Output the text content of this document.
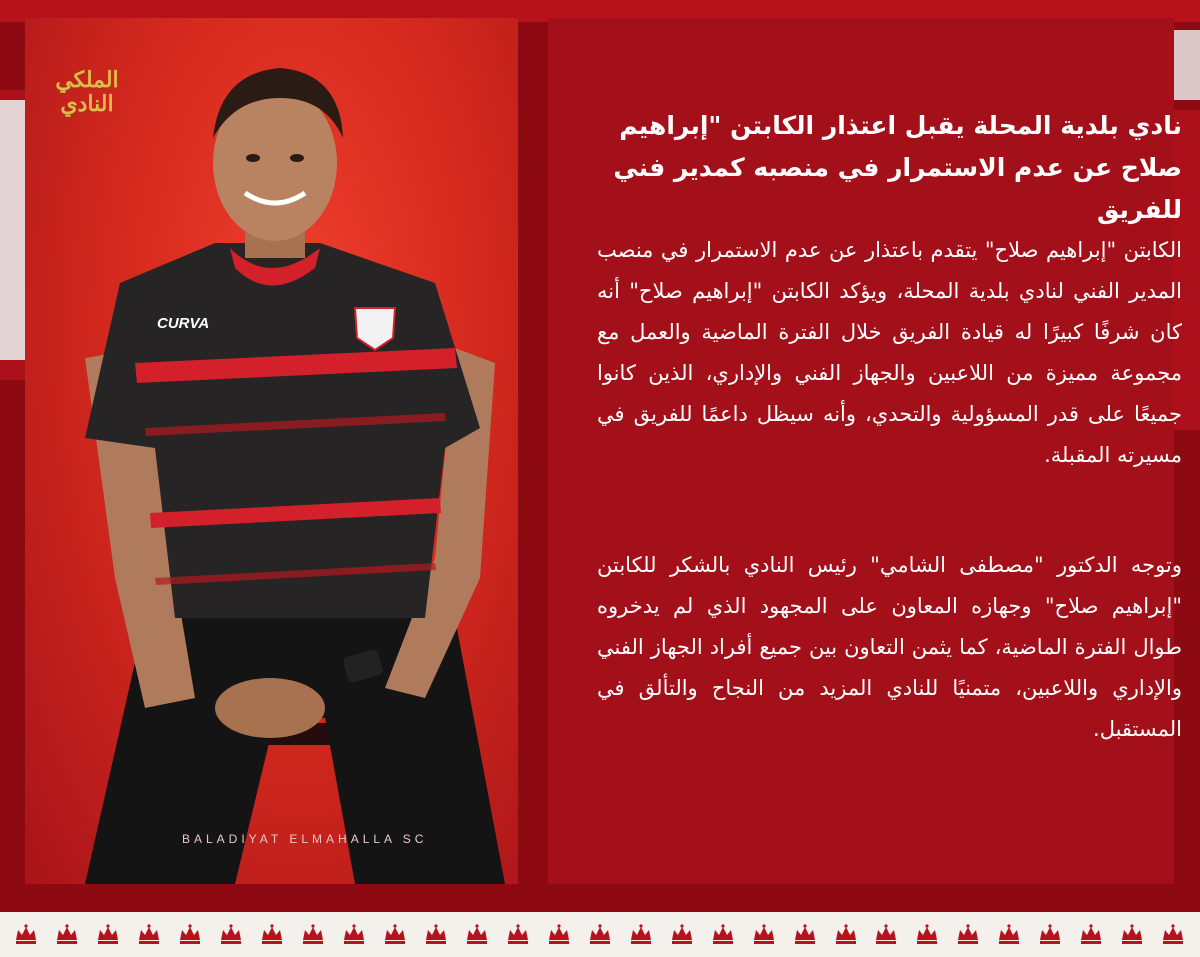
الملكي
النادي
CURVA
نادي بلدية المحلة يقبل اعتذار الكابتن "إبراهيم صلاح عن عدم الاستمرار في منصبه كمدير فني للفريق

الكابتن "إبراهيم صلاح" يتقدم باعتذار عن عدم الاستمرار في منصب المدير الفني لنادي بلدية المحلة، ويؤكد الكابتن "إبراهيم صلاح" أنه كان شرفًا كبيرًا له قيادة الفريق خلال الفترة الماضية والعمل مع مجموعة مميزة من اللاعبين والجهاز الفني والإداري، الذين كانوا جميعًا على قدر المسؤولية والتحدي، وأنه سيظل داعمًا للفريق في مسيرته المقبلة.

وتوجه الدكتور "مصطفى الشامي" رئيس النادي بالشكر للكابتن "إبراهيم صلاح" وجهازه المعاون على المجهود الذي لم يدخروه طوال الفترة الماضية، كما يثمن التعاون بين جميع أفراد الجهاز الفني والإداري واللاعبين، متمنيًا للنادي المزيد من النجاح والتألق في المستقبل.

BALADIYAT ELMAHALLA SC
